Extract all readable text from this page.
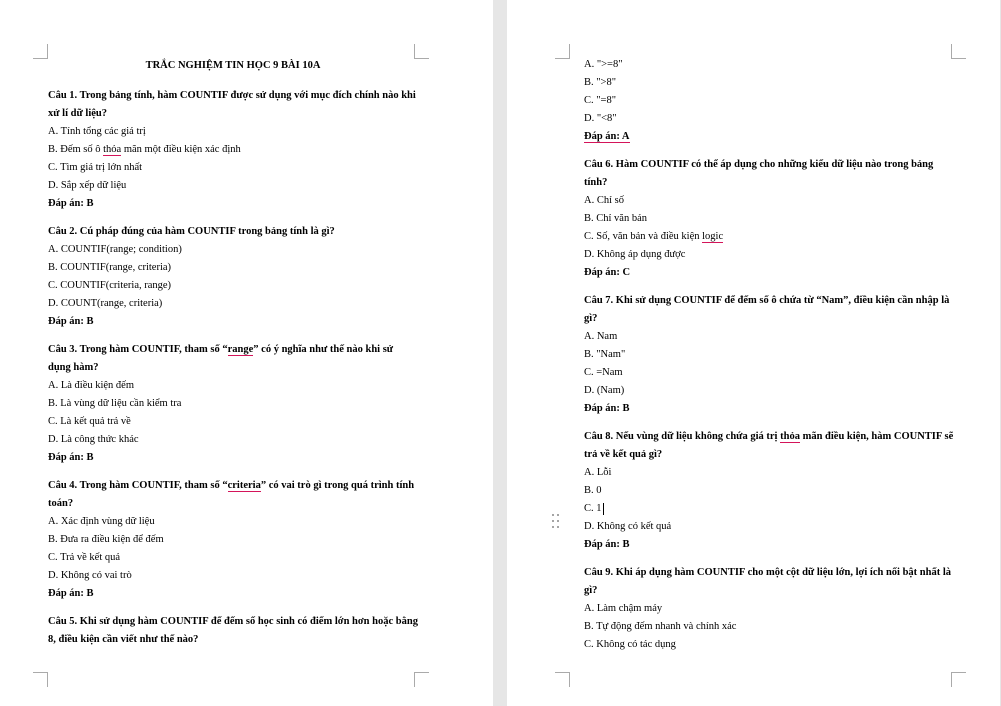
TRẮC NGHIỆM TIN HỌC 9 BÀI 10A
Câu 1. Trong bảng tính, hàm COUNTIF được sử dụng với mục đích chính nào khi xử lí dữ liệu?
A. Tính tổng các giá trị
B. Đếm số ô thỏa mãn một điều kiện xác định
C. Tìm giá trị lớn nhất
D. Sắp xếp dữ liệu
Đáp án: B
Câu 2. Cú pháp đúng của hàm COUNTIF trong bảng tính là gì?
A. COUNTIF(range; condition)
B. COUNTIF(range, criteria)
C. COUNTIF(criteria, range)
D. COUNT(range, criteria)
Đáp án: B
Câu 3. Trong hàm COUNTIF, tham số “range” có ý nghĩa như thế nào khi sử dụng hàm?
A. Là điều kiện đếm
B. Là vùng dữ liệu cần kiểm tra
C. Là kết quả trả về
D. Là công thức khác
Đáp án: B
Câu 4. Trong hàm COUNTIF, tham số “criteria” có vai trò gì trong quá trình tính toán?
A. Xác định vùng dữ liệu
B. Đưa ra điều kiện để đếm
C. Trả về kết quả
D. Không có vai trò
Đáp án: B
Câu 5. Khi sử dụng hàm COUNTIF để đếm số học sinh có điểm lớn hơn hoặc bằng 8, điều kiện cần viết như thế nào?
A. ">=8"
B. ">8"
C. "=8"
D. "<8"
Đáp án: A
Câu 6. Hàm COUNTIF có thể áp dụng cho những kiểu dữ liệu nào trong bảng tính?
A. Chỉ số
B. Chỉ văn bản
C. Số, văn bản và điều kiện logic
D. Không áp dụng được
Đáp án: C
Câu 7. Khi sử dụng COUNTIF để đếm số ô chứa từ “Nam”, điều kiện cần nhập là gì?
A. Nam
B. "Nam"
C. =Nam
D. (Nam)
Đáp án: B
Câu 8. Nếu vùng dữ liệu không chứa giá trị thỏa mãn điều kiện, hàm COUNTIF sẽ trả về kết quả gì?
A. Lỗi
B. 0
C. 1
D. Không có kết quả
Đáp án: B
Câu 9. Khi áp dụng hàm COUNTIF cho một cột dữ liệu lớn, lợi ích nổi bật nhất là gì?
A. Làm chậm máy
B. Tự động đếm nhanh và chính xác
C. Không có tác dụng
